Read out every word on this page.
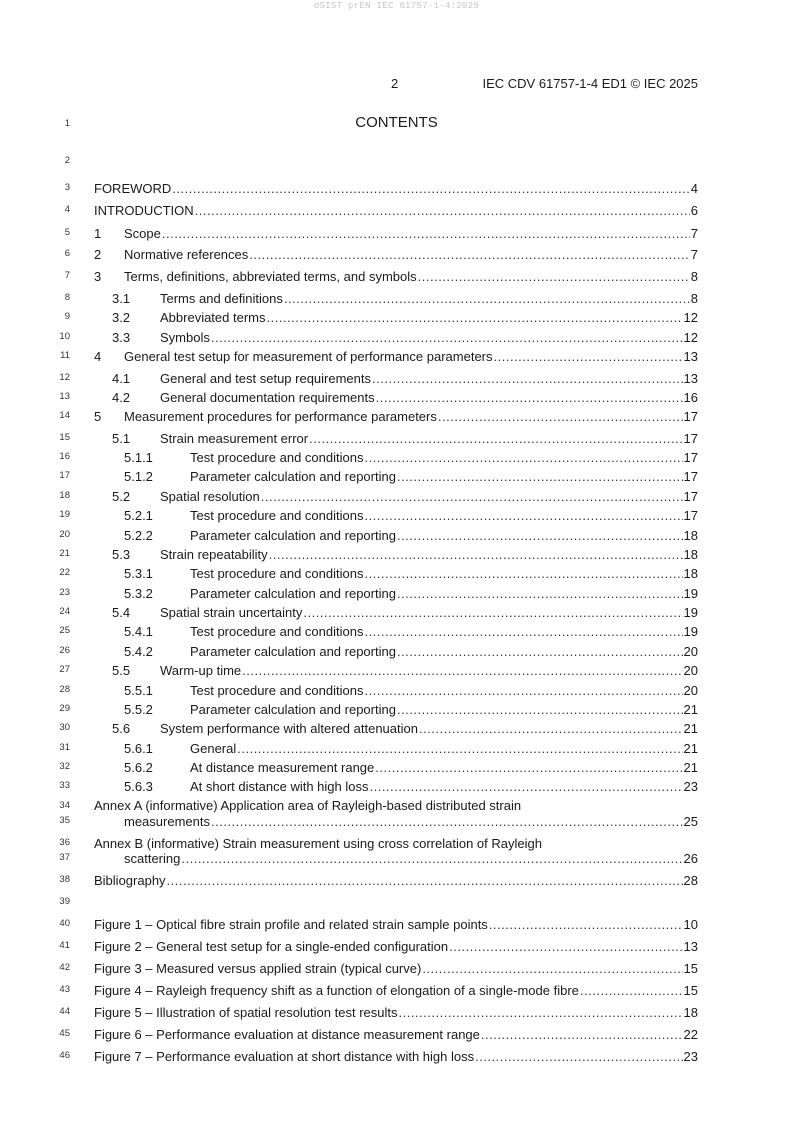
oSIST prEN IEC 61757-1-4:2025
2	IEC CDV 61757-1-4 ED1 © IEC 2025
1
2
3
4
5
6
7
8
9
10
11
12
13
14
15
16
17
18
19
20
21
22
23
24
25
26
27
28
29
30
31
32
33
34
35
36
37
38
39
40
41
42
43
44
45
46
CONTENTS
FOREWORD .....	4
INTRODUCTION .....	6
1	Scope .....	7
2	Normative references .....	7
3	Terms, definitions, abbreviated terms, and symbols .....	8
3.1	Terms and definitions .....	8
3.2	Abbreviated terms .....	12
3.3	Symbols .....	12
4	General test setup for measurement of performance parameters .....	13
4.1	General and test setup requirements .....	13
4.2	General documentation requirements .....	16
5	Measurement procedures for performance parameters .....	17
5.1	Strain measurement error .....	17
5.1.1	Test procedure and conditions .....	17
5.1.2	Parameter calculation and reporting .....	17
5.2	Spatial resolution .....	17
5.2.1	Test procedure and conditions .....	17
5.2.2	Parameter calculation and reporting .....	18
5.3	Strain repeatability .....	18
5.3.1	Test procedure and conditions .....	18
5.3.2	Parameter calculation and reporting .....	19
5.4	Spatial strain uncertainty .....	19
5.4.1	Test procedure and conditions .....	19
5.4.2	Parameter calculation and reporting .....	20
5.5	Warm-up time .....	20
5.5.1	Test procedure and conditions .....	20
5.5.2	Parameter calculation and reporting .....	21
5.6	System performance with altered attenuation .....	21
5.6.1	General .....	21
5.6.2	At distance measurement range .....	21
5.6.3	At short distance with high loss .....	23
Annex A (informative) Application area of Rayleigh-based distributed strain
measurements .....	25
Annex B (informative) Strain measurement using cross correlation of Rayleigh
scattering .....	26
Bibliography .....	28
Figure 1 – Optical fibre strain profile and related strain sample points .....	10
Figure 2 – General test setup for a single-ended configuration .....	13
Figure 3 – Measured versus applied strain (typical curve) .....	15
Figure 4 – Rayleigh frequency shift as a function of elongation of a single-mode fibre .....	15
Figure 5 – Illustration of spatial resolution test results .....	18
Figure 6 – Performance evaluation at distance measurement range .....	22
Figure 7 – Performance evaluation at short distance with high loss .....	23
